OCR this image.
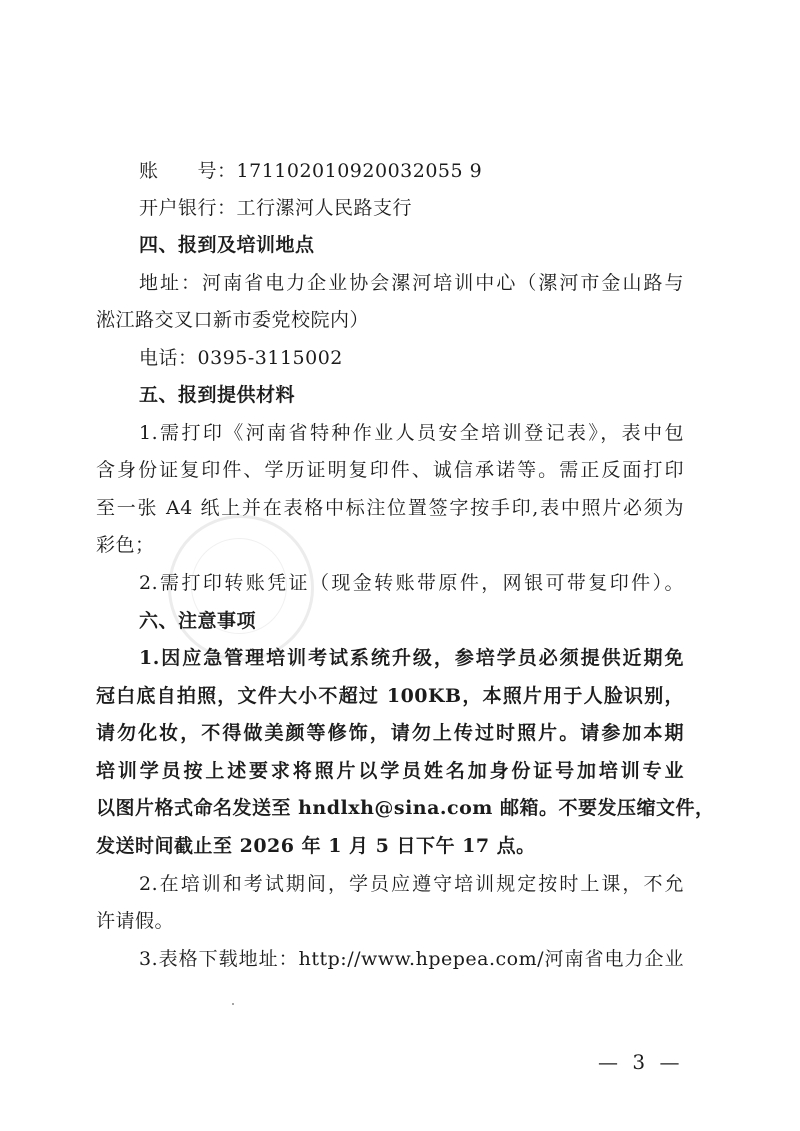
账　　号：171102010920032055 9
开户银行：工行漯河人民路支行
四、报到及培训地点
地址：河南省电力企业协会漯河培训中心（漯河市金山路与
淞江路交叉口新市委党校院内）
电话：0395-3115002
五、报到提供材料
1.需打印《河南省特种作业人员安全培训登记表》，表中包
含身份证复印件、学历证明复印件、诚信承诺等。需正反面打印
至一张 A4 纸上并在表格中标注位置签字按手印,表中照片必须为
彩色；
2.需打印转账凭证（现金转账带原件，网银可带复印件）。
六、注意事项
1.因应急管理培训考试系统升级，参培学员必须提供近期免
冠白底自拍照，文件大小不超过 100KB，本照片用于人脸识别，
请勿化妆，不得做美颜等修饰，请勿上传过时照片。请参加本期
培训学员按上述要求将照片以学员姓名加身份证号加培训专业
以图片格式命名发送至 hndlxh@sina.com 邮箱。不要发压缩文件，
发送时间截止至 2026 年 1 月 5 日下午 17 点。
2.在培训和考试期间，学员应遵守培训规定按时上课，不允
许请假。
3.表格下载地址：http://www.hpepea.com/河南省电力企业
— 3 —
